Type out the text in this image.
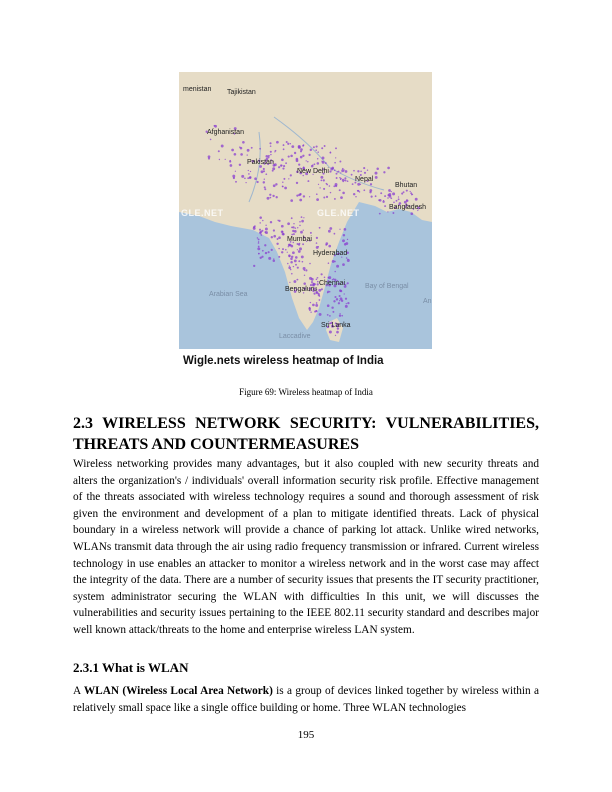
menistan Tajikistan
Afghanistan
Pakistan
New Delhi
Nepal
Bhutan
Bangladesh
Mumbai
Hyderabad
Chennai
Bengaluru
Arabian Sea
Bay of Bengal
Sri Lanka
Laccadive
An
GLE.NET	GLE.NET
Wigle.nets wireless heatmap of India
Figure 69: Wireless heatmap of India
2.3 WIRELESS NETWORK SECURITY: VULNERABILITIES, THREATS AND COUNTERMEASURES

Wireless networking provides many advantages, but it also coupled with new security threats and alters the organization's / individuals' overall information security risk profile. Effective management of the threats associated with wireless technology requires a sound and thorough assessment of risk given the environment and development of a plan to mitigate identified threats. Lack of physical boundary in a wireless network will provide a chance of parking lot attack. Unlike wired networks, WLANs transmit data through the air using radio frequency transmission or infrared. Current wireless technology in use enables an attacker to monitor a wireless network and in the worst case may affect the integrity of the data. There are a number of security issues that presents the IT security practitioner, system administrator securing the WLAN with difficulties In this unit, we will discusses the vulnerabilities and security issues pertaining to the IEEE 802.11 security standard and describes major well known attack/threats to the home and enterprise wireless LAN system.

2.3.1 What is WLAN

A WLAN (Wireless Local Area Network) is a group of devices linked together by wireless within a relatively small space like a single office building or home. Three WLAN technologies

195
